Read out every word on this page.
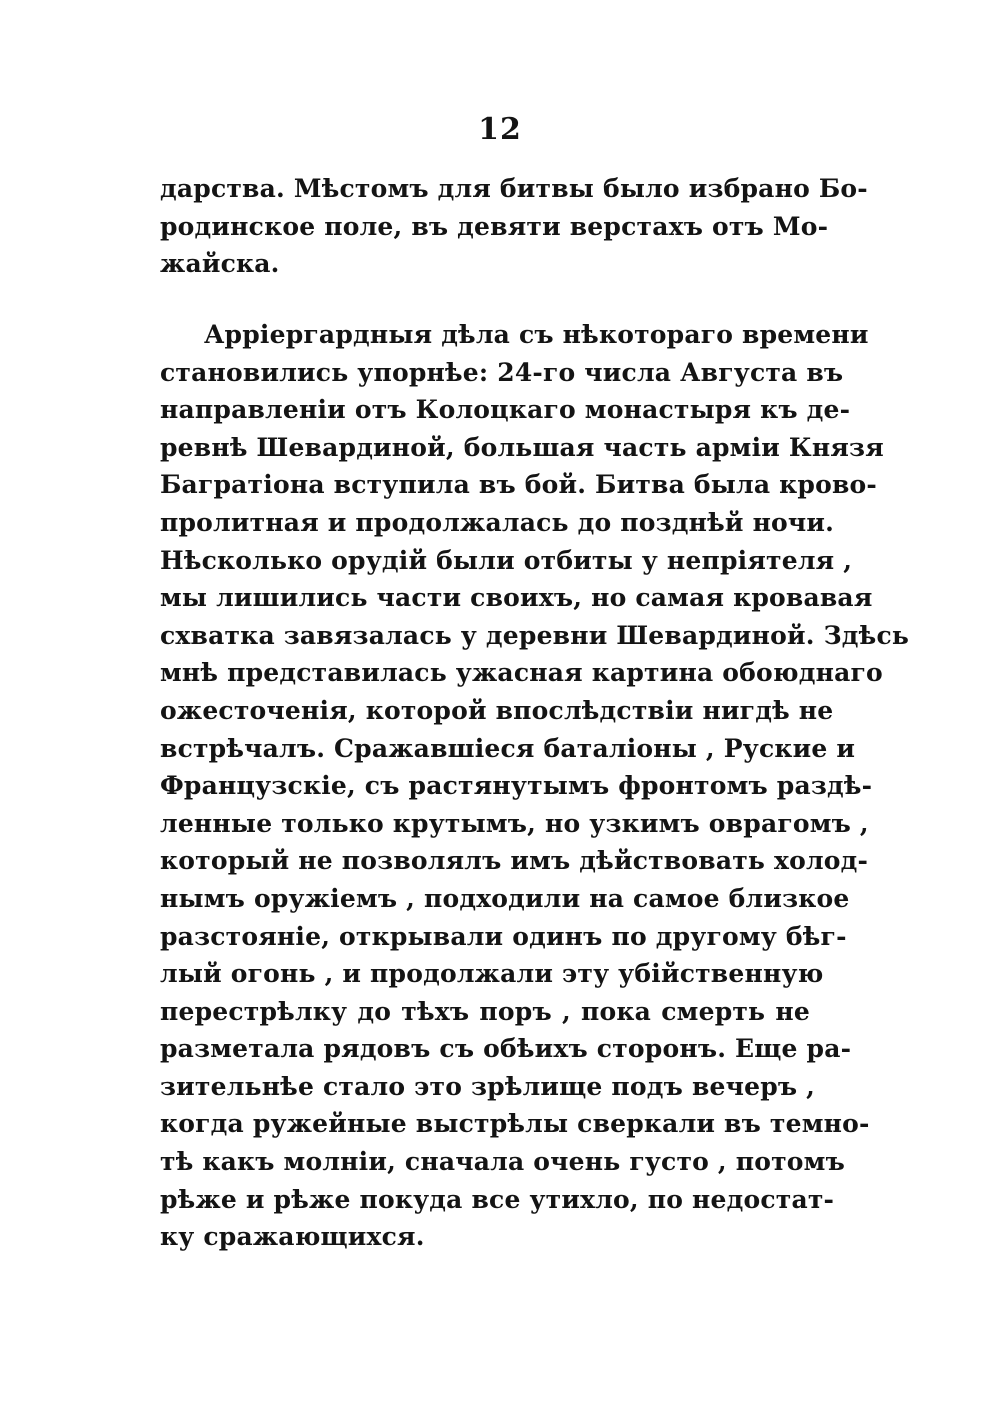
12
дарства. Мѣстомъ для битвы было избрано Бо-
родинское поле, въ девяти верстахъ отъ Мо-
жайска.
Арріергардныя дѣла съ нѣкотораго времени
становились упорнѣе: 24-го числа Августа въ
направленіи отъ Колоцкаго монастыря къ де-
ревнѣ Шевардиной, большая часть арміи Князя
Багратіона вступила въ бой. Битва была крово-
пролитная и продолжалась до позднѣй ночи.
Нѣсколько орудій были отбиты у непріятеля ,
мы лишились части своихъ, но самая кровавая
схватка завязалась у деревни Шевардиной. Здѣсь
мнѣ представилась ужасная картина обоюднаго
ожесточенія, которой впослѣдствіи нигдѣ не
встрѣчалъ. Сражавшіеся баталіоны , Руские и
Французскіе, съ растянутымъ фронтомъ раздѣ-
ленные только крутымъ, но узкимъ оврагомъ ,
который не позволялъ имъ дѣйствовать холод-
нымъ оружіемъ , подходили на самое близкое
разстояніе, открывали одинъ по другому бѣг-
лый огонь , и продолжали эту убійственную
перестрѣлку до тѣхъ поръ , пока смерть не
разметала рядовъ съ обѣихъ сторонъ. Еще ра-
зительнѣе стало это зрѣлище подъ вечеръ ,
когда ружейные выстрѣлы сверкали въ темно-
тѣ какъ молніи, сначала очень густо , потомъ
рѣже и рѣже покуда все утихло, по недостат-
ку сражающихся.
